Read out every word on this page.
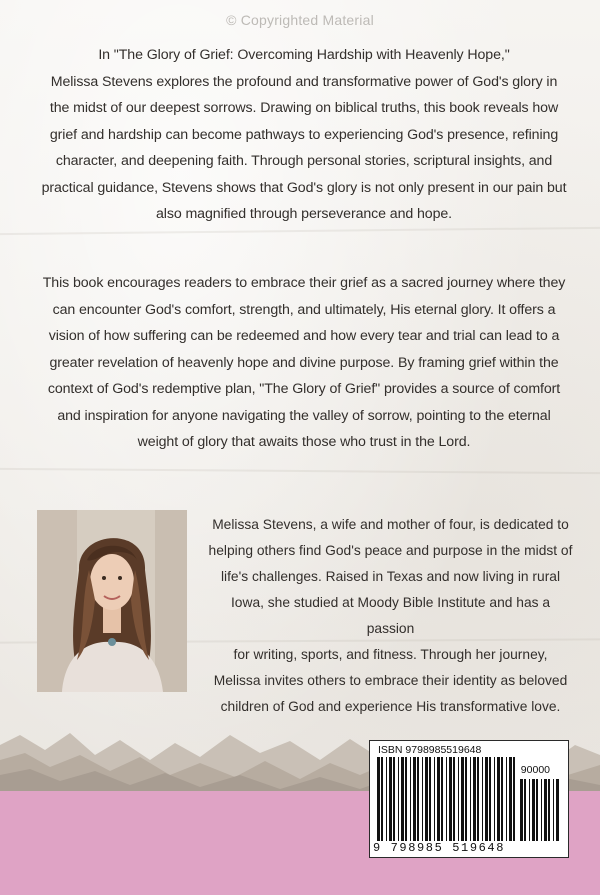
© Copyrighted Material
In "The Glory of Grief: Overcoming Hardship with Heavenly Hope,"
Melissa Stevens explores the profound and transformative power of God's glory in
the midst of our deepest sorrows. Drawing on biblical truths, this book reveals how
grief and hardship can become pathways to experiencing God's presence, refining
character, and deepening faith. Through personal stories, scriptural insights, and
practical guidance, Stevens shows that God's glory is not only present in our pain but
also magnified through perseverance and hope.
This book encourages readers to embrace their grief as a sacred journey where they
can encounter God's comfort, strength, and ultimately, His eternal glory. It offers a
vision of how suffering can be redeemed and how every tear and trial can lead to a
greater revelation of heavenly hope and divine purpose. By framing grief within the
context of God's redemptive plan, "The Glory of Grief" provides a source of comfort
and inspiration for anyone navigating the valley of sorrow, pointing to the eternal
weight of glory that awaits those who trust in the Lord.
Melissa Stevens, a wife and mother of four, is dedicated to
helping others find God's peace and purpose in the midst of
life's challenges. Raised in Texas and now living in rural
Iowa, she studied at Moody Bible Institute and has a passion
for writing, sports, and fitness. Through her journey,
Melissa invites others to embrace their identity as beloved
children of God and experience His transformative love.
ISBN 9798985519648
90000
9 798985 519648
